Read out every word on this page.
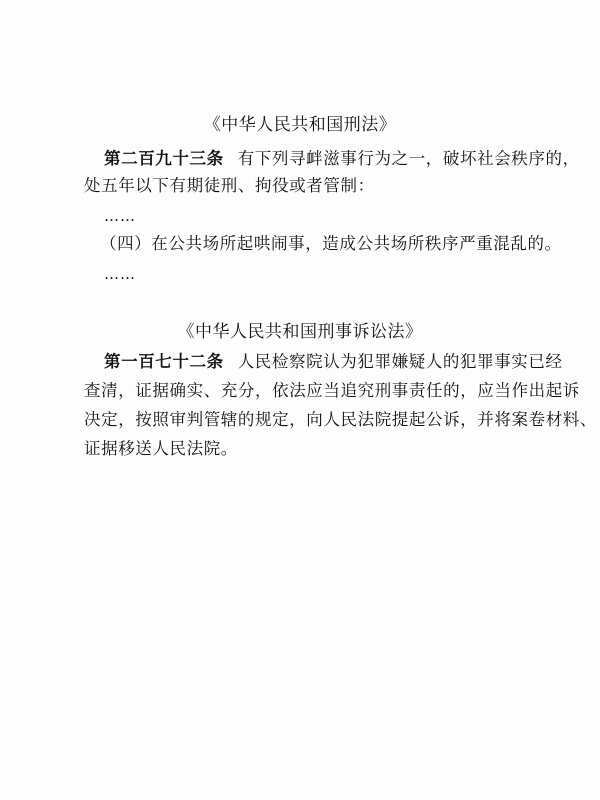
《中华人民共和国刑法》
第二百九十三条 有下列寻衅滋事行为之一，破坏社会秩序的，
处五年以下有期徒刑、拘役或者管制：
……
（四）在公共场所起哄闹事，造成公共场所秩序严重混乱的。
……
《中华人民共和国刑事诉讼法》
第一百七十二条 人民检察院认为犯罪嫌疑人的犯罪事实已经
查清，证据确实、充分，依法应当追究刑事责任的，应当作出起诉
决定，按照审判管辖的规定，向人民法院提起公诉，并将案卷材料、
证据移送人民法院。
